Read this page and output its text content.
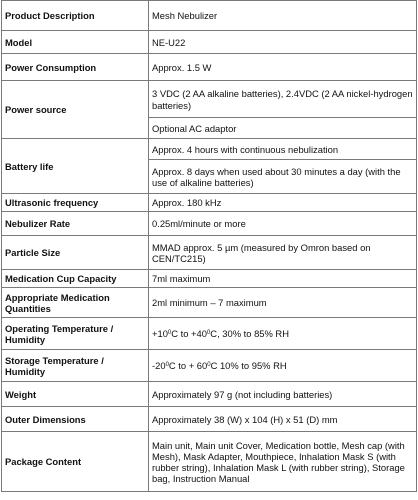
Product Description	Mesh Nebulizer
Model	NE-U22
Power Consumption	Approx. 1.5 W
Power source	3 VDC (2 AA alkaline batteries), 2.4VDC (2 AA nickel-hydrogen batteries)
	Optional AC adaptor
Battery life	Approx. 4 hours with continuous nebulization
	Approx. 8 days when used about 30 minutes a day (with the use of alkaline batteries)
Ultrasonic frequency	Approx. 180 kHz
Nebulizer Rate	0.25ml/minute or more
Particle Size	MMAD approx. 5 µm (measured by Omron based on CEN/TC215)
Medication Cup Capacity	7ml maximum
Appropriate Medication Quantities	2ml minimum – 7 maximum
Operating Temperature / Humidity	$+10^0C$ to $+40^0C$, 30% to 85% RH
Storage Temperature / Humidity	$-20^0C$ to + $60^0C$ 10% to 95% RH
Weight	Approximately 97 g (not including batteries)
Outer Dimensions	Approximately 38 (W) x 104 (H) x 51 (D) mm
Package Content	Main unit, Main unit Cover, Medication bottle, Mesh cap (with Mesh), Mask Adapter, Mouthpiece, Inhalation Mask S (with rubber string), Inhalation Mask L (with rubber string), Storage bag, Instruction Manual
